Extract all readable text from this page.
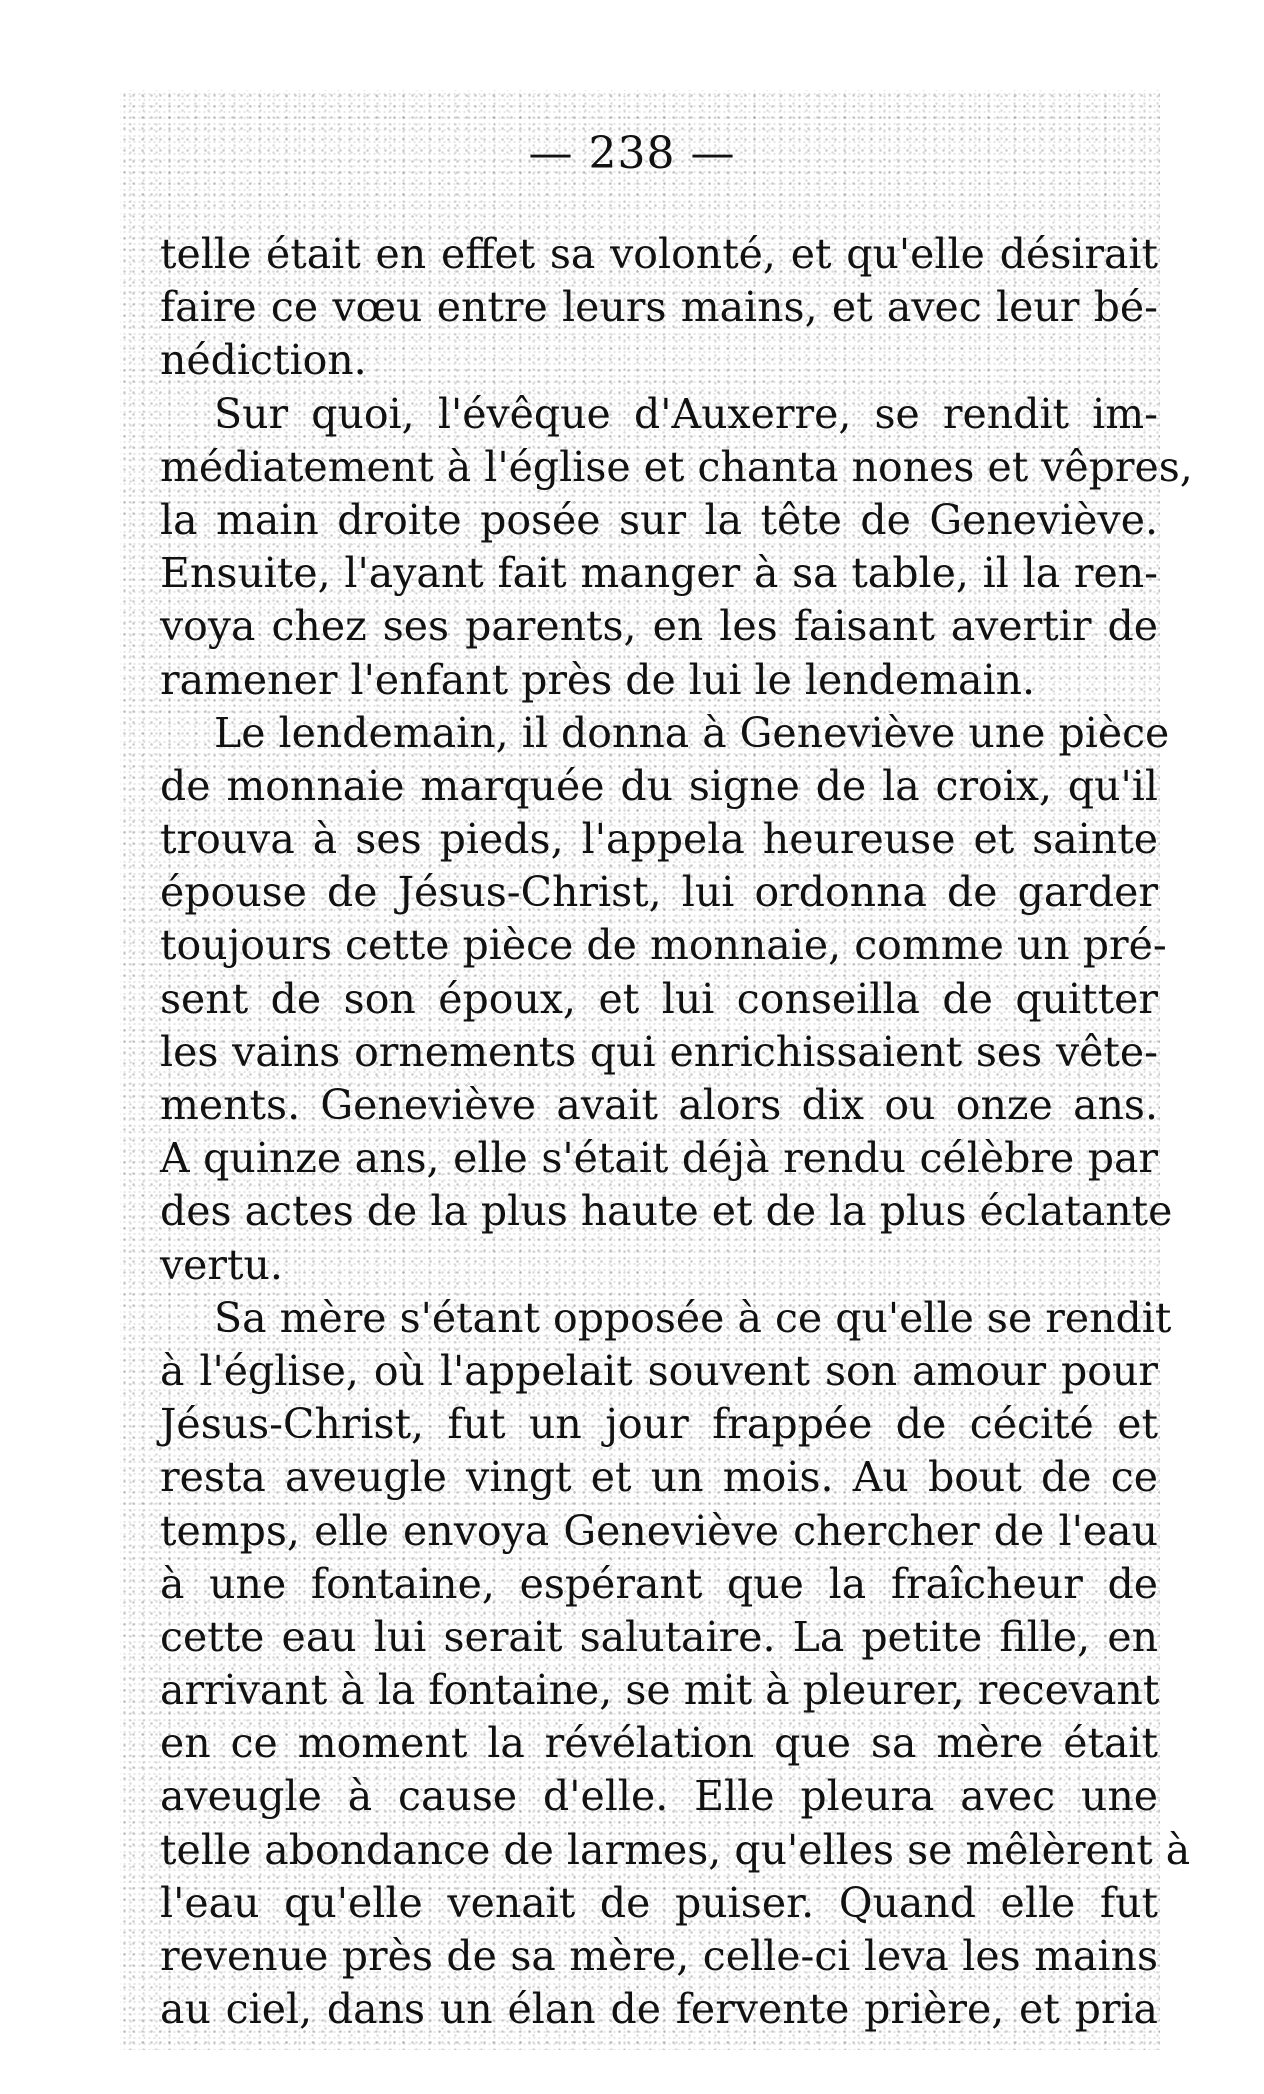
— 238 —
telle était en effet sa volonté, et qu'elle désirait
faire ce vœu entre leurs mains, et avec leur bé-
nédiction.
Sur quoi, l'évêque d'Auxerre, se rendit im-
médiatement à l'église et chanta nones et vêpres,
la main droite posée sur la tête de Geneviève.
Ensuite, l'ayant fait manger à sa table, il la ren-
voya chez ses parents, en les faisant avertir de
ramener l'enfant près de lui le lendemain.
Le lendemain, il donna à Geneviève une pièce
de monnaie marquée du signe de la croix, qu'il
trouva à ses pieds, l'appela heureuse et sainte
épouse de Jésus-Christ, lui ordonna de garder
toujours cette pièce de monnaie, comme un pré-
sent de son époux, et lui conseilla de quitter
les vains ornements qui enrichissaient ses vête-
ments. Geneviève avait alors dix ou onze ans.
A quinze ans, elle s'était déjà rendu célèbre par
des actes de la plus haute et de la plus éclatante
vertu.
Sa mère s'étant opposée à ce qu'elle se rendit
à l'église, où l'appelait souvent son amour pour
Jésus-Christ, fut un jour frappée de cécité et
resta aveugle vingt et un mois. Au bout de ce
temps, elle envoya Geneviève chercher de l'eau
à une fontaine, espérant que la fraîcheur de
cette eau lui serait salutaire. La petite fille, en
arrivant à la fontaine, se mit à pleurer, recevant
en ce moment la révélation que sa mère était
aveugle à cause d'elle. Elle pleura avec une
telle abondance de larmes, qu'elles se mêlèrent à
l'eau qu'elle venait de puiser. Quand elle fut
revenue près de sa mère, celle-ci leva les mains
au ciel, dans un élan de fervente prière, et pria
